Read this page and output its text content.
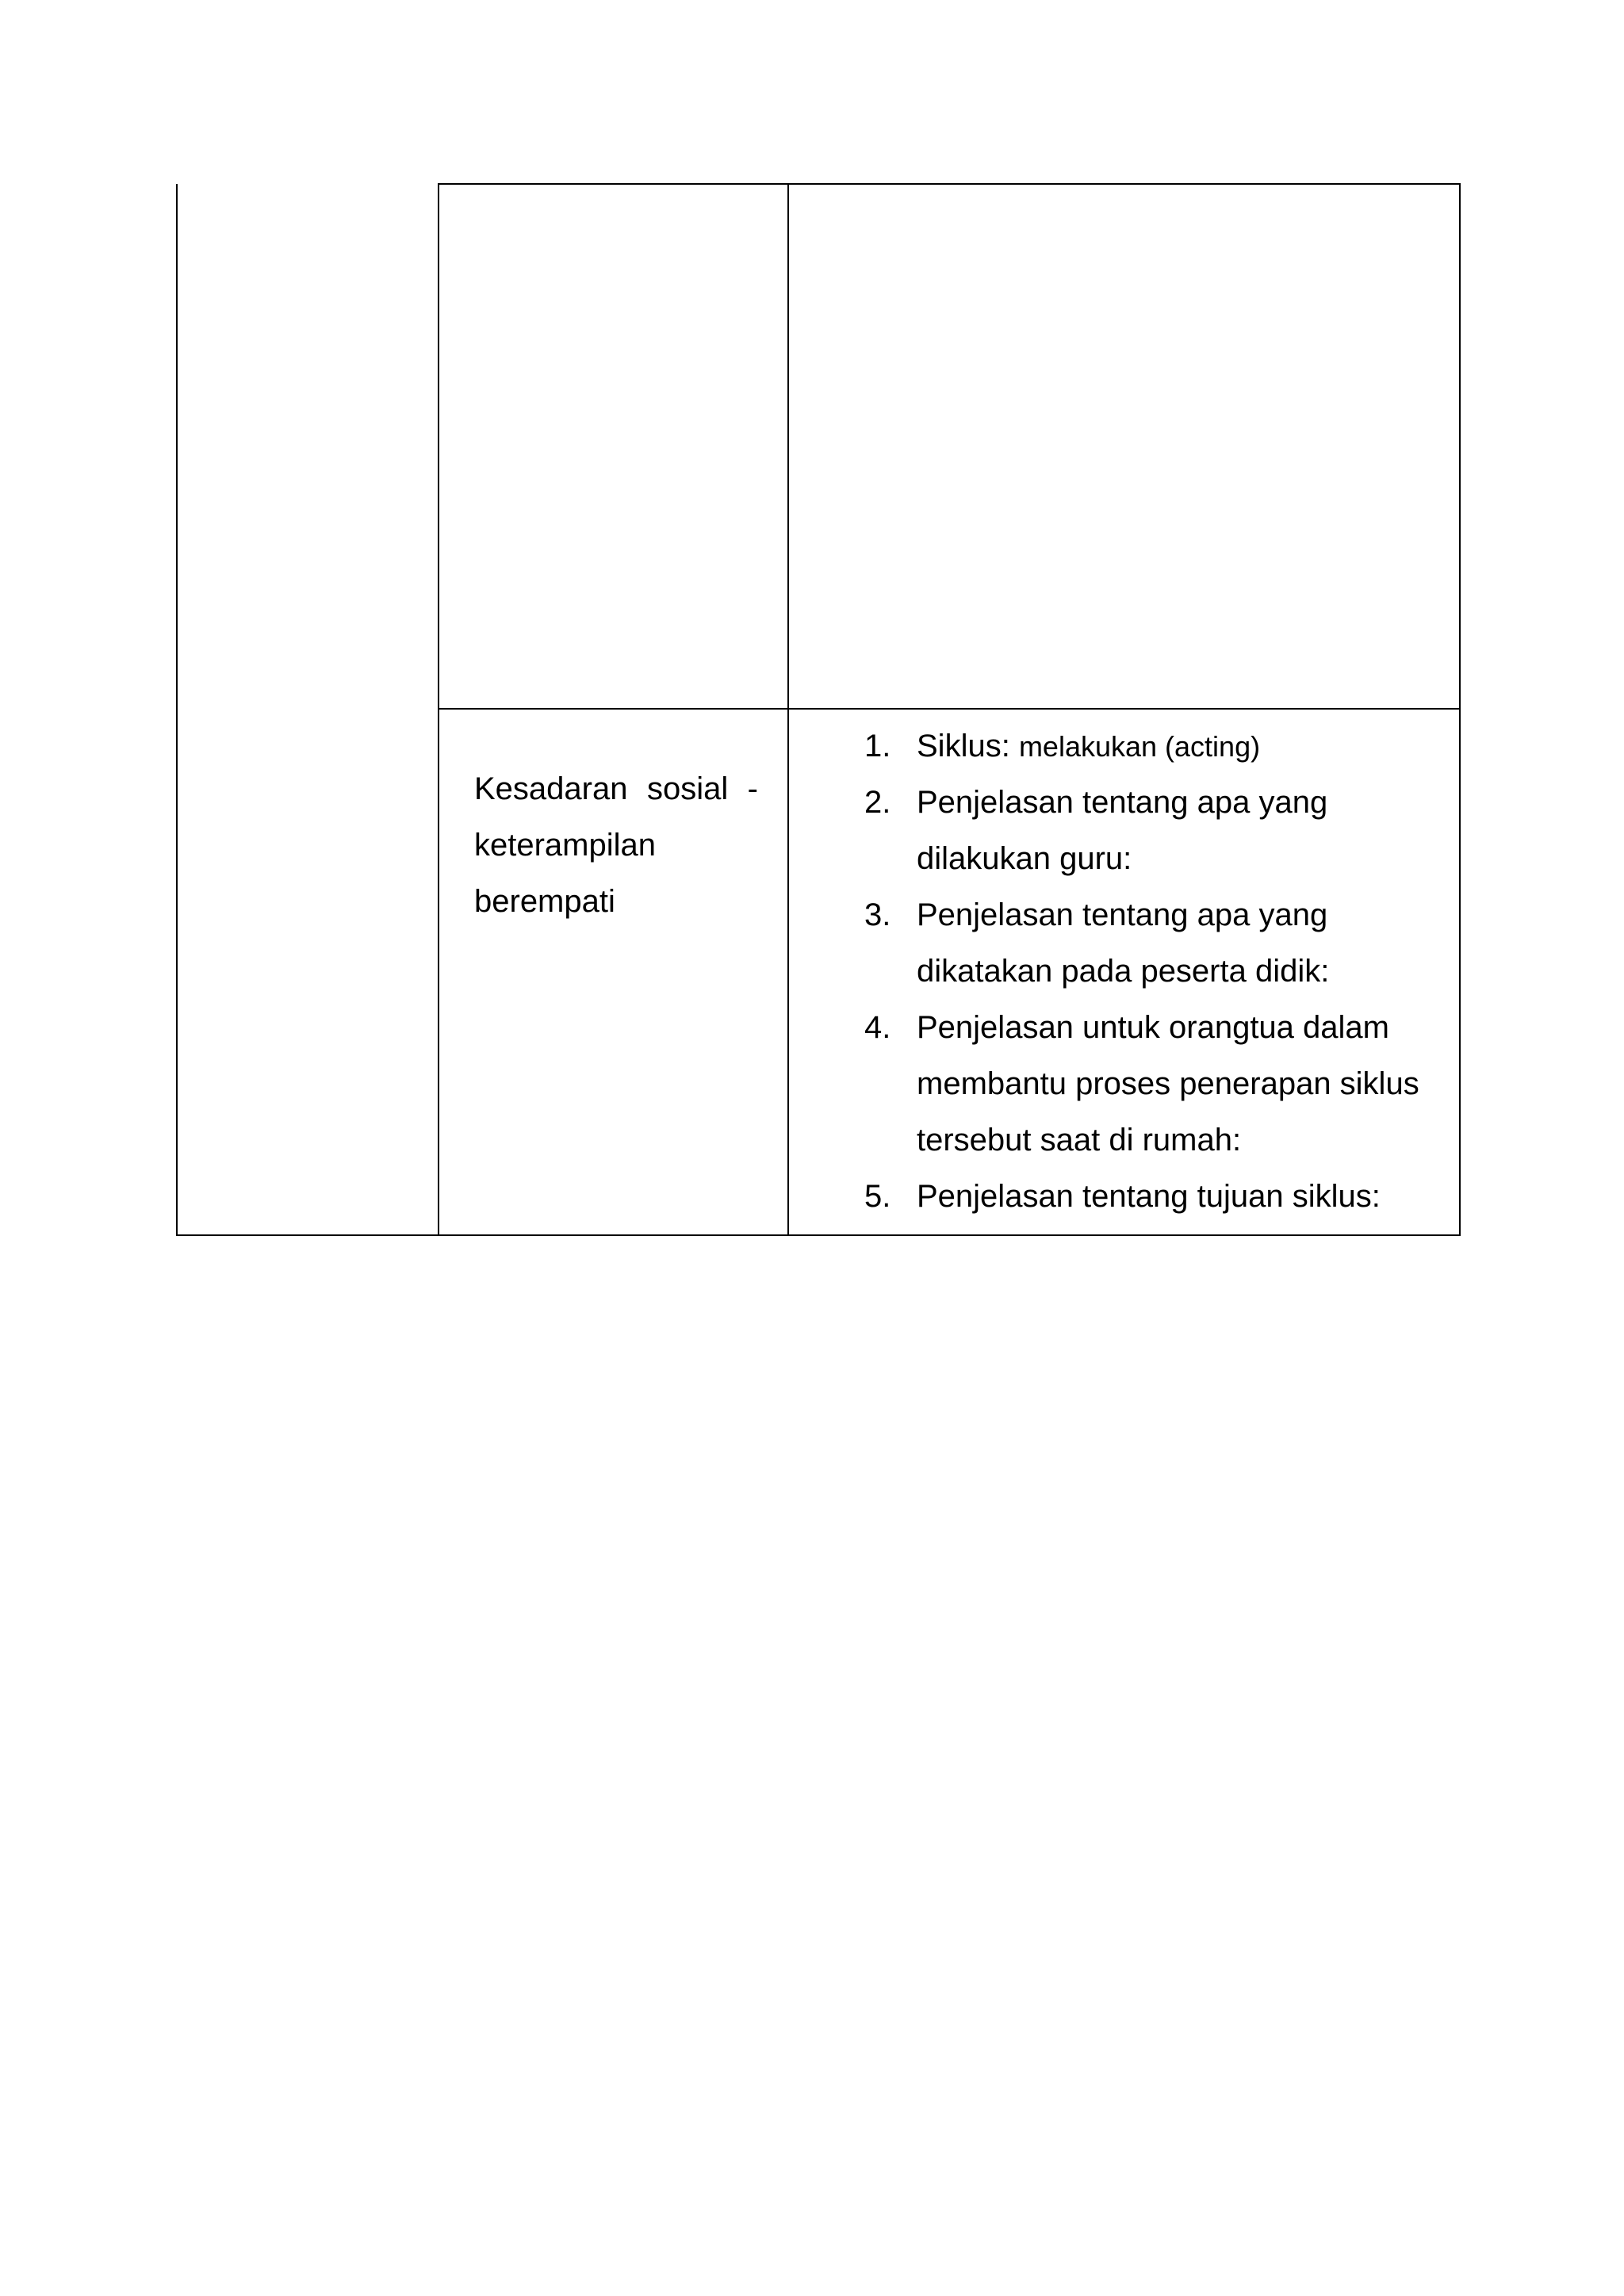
Kesadaran sosial - keterampilan berempati

1. Siklus: melakukan (acting)
2. Penjelasan tentang apa yang dilakukan guru:
3. Penjelasan tentang apa yang dikatakan pada peserta didik:
4. Penjelasan untuk orangtua dalam membantu proses penerapan siklus tersebut saat di rumah:
5. Penjelasan tentang tujuan siklus:
